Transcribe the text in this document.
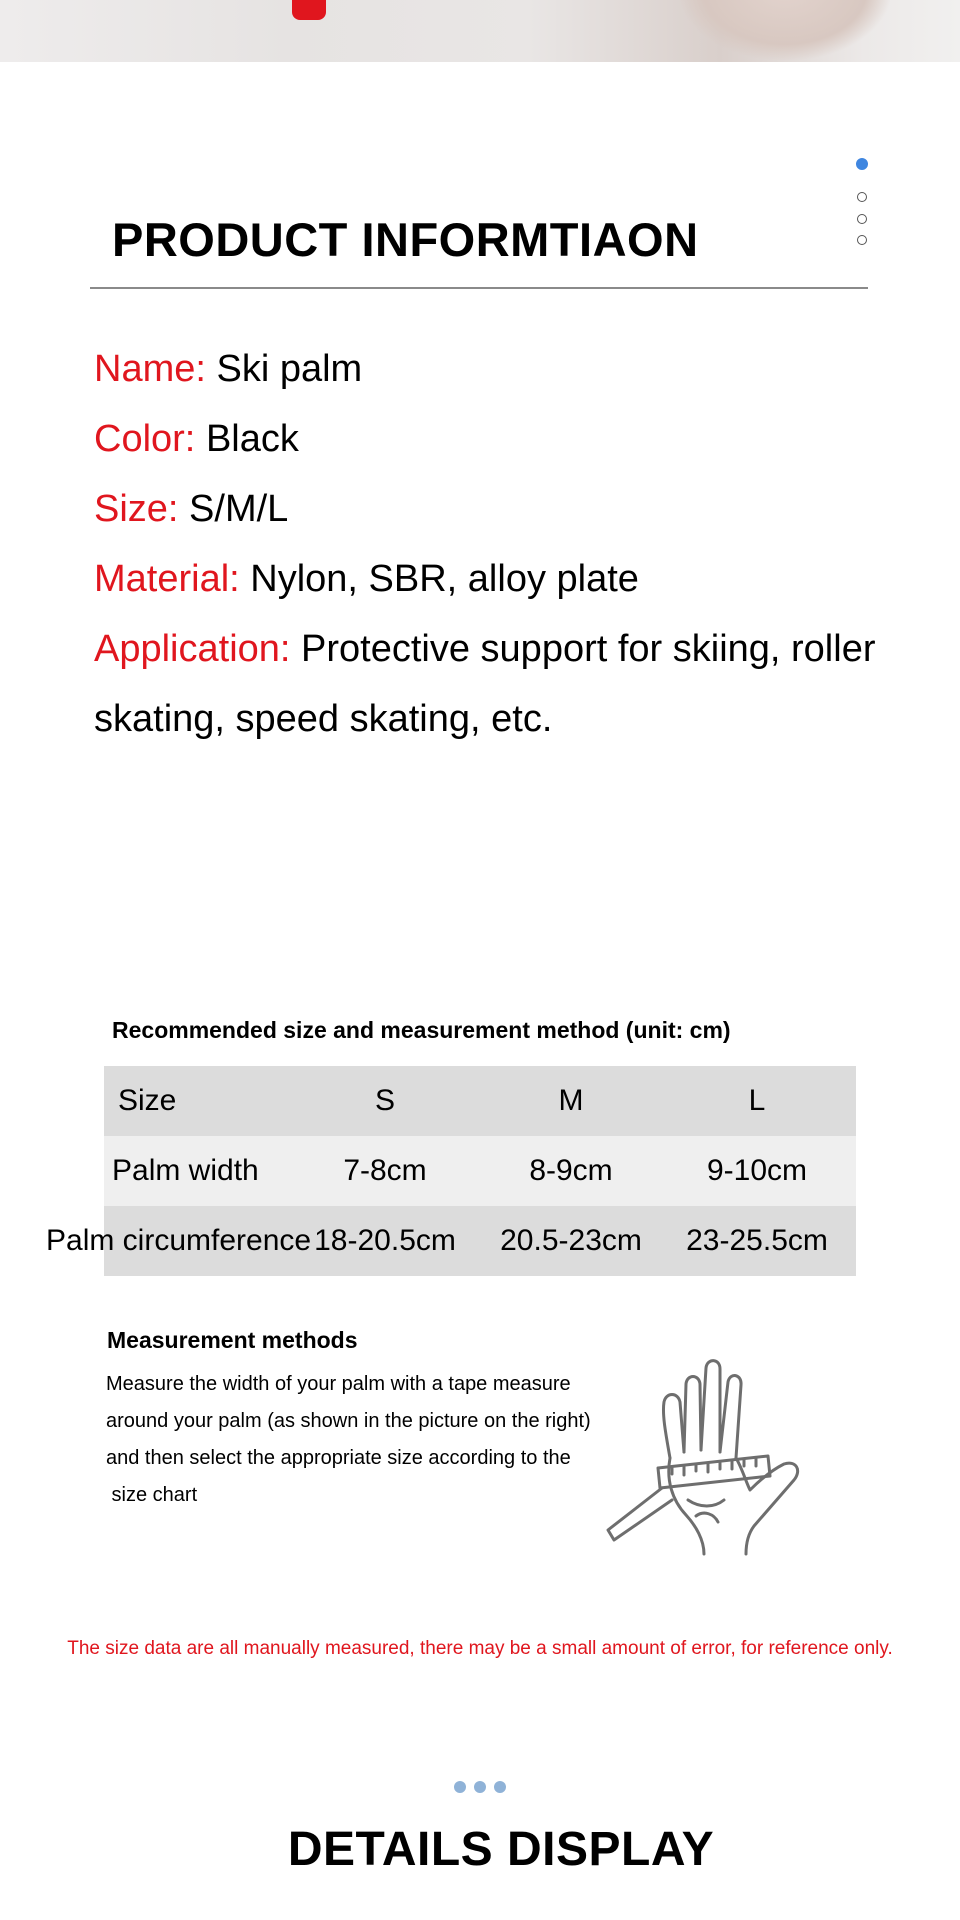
PRODUCT INFORMTIAON

Name: Ski palm

Color: Black

Size: S/M/L

Material: Nylon, SBR, alloy plate

Application: Protective support for skiing, roller

skating, speed skating, etc.

Recommended size and measurement method (unit: cm)

Size	S	M	L
Palm width	7-8cm	8-9cm	9-10cm
Palm circumference 18-20.5cm	20.5-23cm	23-25.5cm

Measurement methods

Measure the width of your palm with a tape measure

around your palm (as shown in the picture on the right)

and then select the appropriate size according to the

size chart

The size data are all manually measured, there may be a small amount of error, for reference only.

DETAILS DISPLAY
